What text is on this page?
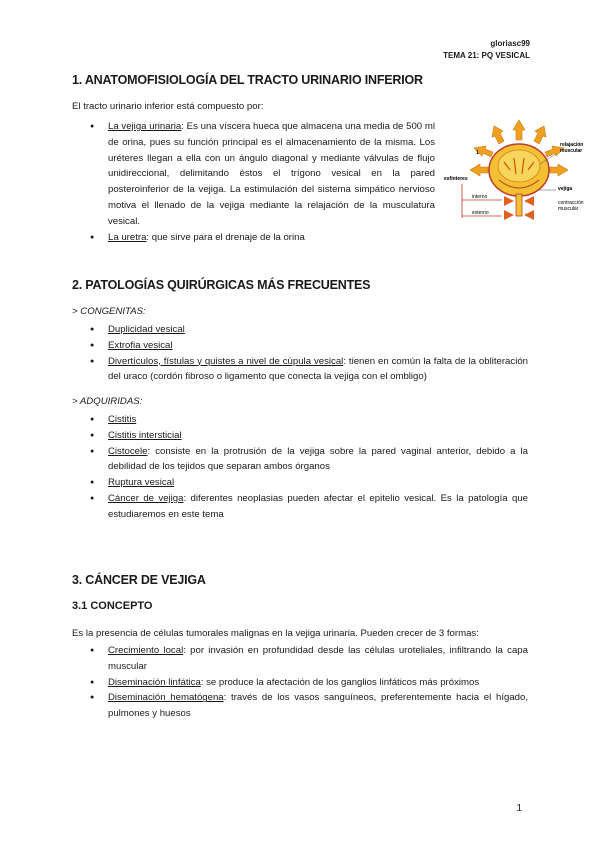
gloriasc99
TEMA 21: PQ VESICAL
1. ANATOMOFISIOLOGÍA DEL TRACTO URINARIO INFERIOR
El tracto urinario inferior está compuesto por:
● La vejiga urinaria: Es una víscera hueca que almacena una media de 500 ml de orina, pues su función principal es el almacenamiento de la misma. Los uréteres llegan a ella con un ángulo diagonal y mediante válvulas de flujo unidireccional, delimitando éstos el trígono vesical en la pared posteroinferior de la vejiga. La estimulación del sistema simpático nervioso motiva el llenado de la vejiga mediante la relajación de la musculatura vesical.
● La uretra: que sirve para el drenaje de la orina
1
relajación muscular
esfínteres
interno
externo
vejiga
contracción muscular
2. PATOLOGÍAS QUIRÚRGICAS MÁS FRECUENTES
> CONGENITAS:
● Duplicidad vesical
● Extrofia vesical
● Divertículos, fístulas y quistes a nivel de cúpula vesical: tienen en común la falta de la obliteración del uraco (cordón fibroso o ligamento que conecta la vejiga con el ombligo)
> ADQUIRIDAS:
● Cistitis
● Cistitis intersticial
● Cistocele: consiste en la protrusión de la vejiga sobre la pared vaginal anterior, debido a la debilidad de los tejidos que separan ambos órganos
● Ruptura vesical
● Cáncer de vejiga: diferentes neoplasias pueden afectar el epitelio vesical. Es la patología que estudiaremos en este tema
3. CÁNCER DE VEJIGA
3.1 CONCEPTO
Es la presencia de células tumorales malignas en la vejiga urinaria. Pueden crecer de 3 formas:
● Crecimiento local: por invasión en profundidad desde las células uroteliales, infiltrando la capa muscular
● Diseminación linfática: se produce la afectación de los ganglios linfáticos más próximos
● Diseminación hematógena: través de los vasos sanguíneos, preferentemente hacia el hígado, pulmones y huesos
1
